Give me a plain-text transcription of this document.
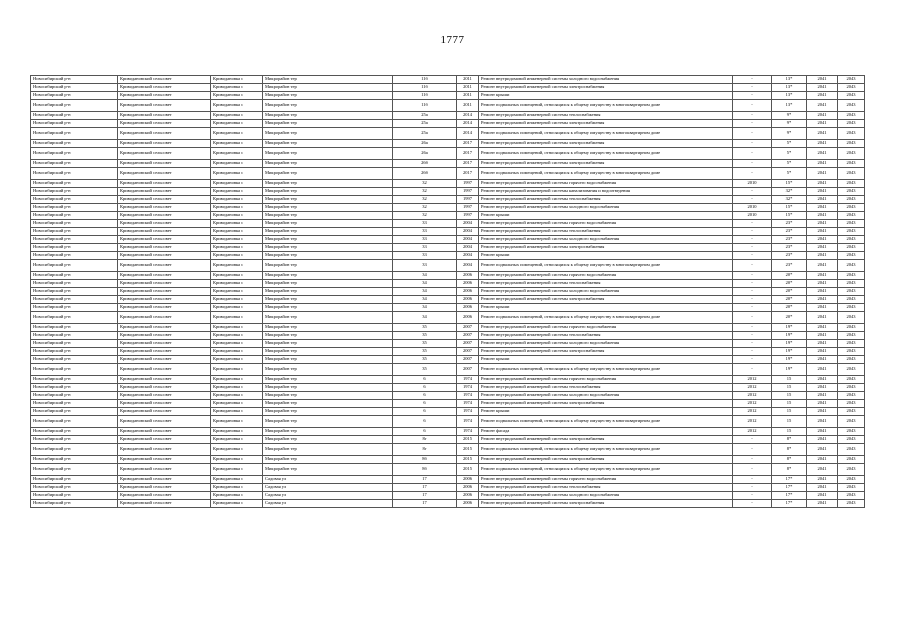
1777
Новосибирский р-н	Криводановский сельсовет	Криводановка с	Микрорайон тер	11б	2011	Ремонт внутридомовой инженерной системы холодного водоснабжения	-	13*	2041	2043
Новосибирский р-н	Криводановский сельсовет	Криводановка с	Микрорайон тер	11б	2011	Ремонт внутридомовой инженерной системы электроснабжения	-	13*	2041	2043
Новосибирский р-н	Криводановский сельсовет	Криводановка с	Микрорайон тер	11б	2011	Ремонт крыши	-	13*	2041	2043
Новосибирский р-н	Криводановский сельсовет	Криводановка с	Микрорайон тер	11б	2011	Ремонт подвальных помещений, относящихся к общему имуществу в многоквартирном доме	-	13*	2041	2043
Новосибирский р-н	Криводановский сельсовет	Криводановка с	Микрорайон тер	25а	2014	Ремонт внутридомовой инженерной системы теплоснабжения	-	9*	2041	2043
Новосибирский р-н	Криводановский сельсовет	Криводановка с	Микрорайон тер	25а	2014	Ремонт внутридомовой инженерной системы электроснабжения	-	9*	2041	2043
Новосибирский р-н	Криводановский сельсовет	Криводановка с	Микрорайон тер	25а	2014	Ремонт подвальных помещений, относящихся к общему имуществу в многоквартирном доме	-	9*	2041	2043
Новосибирский р-н	Криводановский сельсовет	Криводановка с	Микрорайон тер	26а	2017	Ремонт внутридомовой инженерной системы электроснабжения	-	5*	2041	2043
Новосибирский р-н	Криводановский сельсовет	Криводановка с	Микрорайон тер	26а	2017	Ремонт подвальных помещений, относящихся к общему имуществу в многоквартирном доме	-	5*	2041	2043
Новосибирский р-н	Криводановский сельсовет	Криводановка с	Микрорайон тер	26б	2017	Ремонт внутридомовой инженерной системы электроснабжения	-	5*	2041	2043
Новосибирский р-н	Криводановский сельсовет	Криводановка с	Микрорайон тер	26б	2017	Ремонт подвальных помещений, относящихся к общему имуществу в многоквартирном доме	-	5*	2041	2043
Новосибирский р-н	Криводановский сельсовет	Криводановка с	Микрорайон тер	32	1997	Ремонт внутридомовой инженерной системы горячего водоснабжения	2010	15*	2041	2043
Новосибирский р-н	Криводановский сельсовет	Криводановка с	Микрорайон тер	32	1997	Ремонт внутридомовой инженерной системы канализования и водоотведения	-	32*	2041	2043
Новосибирский р-н	Криводановский сельсовет	Криводановка с	Микрорайон тер	32	1997	Ремонт внутридомовой инженерной системы теплоснабжения	-	32*	2041	2043
Новосибирский р-н	Криводановский сельсовет	Криводановка с	Микрорайон тер	32	1997	Ремонт внутридомовой инженерной системы холодного водоснабжения	2010	15*	2041	2043
Новосибирский р-н	Криводановский сельсовет	Криводановка с	Микрорайон тер	32	1997	Ремонт крыши	2010	15*	2041	2043
Новосибирский р-н	Криводановский сельсовет	Криводановка с	Микрорайон тер	33	2004	Ремонт внутридомовой инженерной системы горячего водоснабжения	-	23*	2041	2043
Новосибирский р-н	Криводановский сельсовет	Криводановка с	Микрорайон тер	33	2004	Ремонт внутридомовой инженерной системы теплоснабжения	-	23*	2041	2043
Новосибирский р-н	Криводановский сельсовет	Криводановка с	Микрорайон тер	33	2004	Ремонт внутридомовой инженерной системы холодного водоснабжения	-	23*	2041	2043
Новосибирский р-н	Криводановский сельсовет	Криводановка с	Микрорайон тер	33	2004	Ремонт внутридомовой инженерной системы электроснабжения	-	23*	2041	2043
Новосибирский р-н	Криводановский сельсовет	Криводановка с	Микрорайон тер	33	2004	Ремонт крыши	-	23*	2041	2043
Новосибирский р-н	Криводановский сельсовет	Криводановка с	Микрорайон тер	33	2004	Ремонт подвальных помещений, относящихся к общему имуществу в многоквартирном доме	-	23*	2041	2043
Новосибирский р-н	Криводановский сельсовет	Криводановка с	Микрорайон тер	34	2006	Ремонт внутридомовой инженерной системы горячего водоснабжения	-	20*	2041	2043
Новосибирский р-н	Криводановский сельсовет	Криводановка с	Микрорайон тер	34	2006	Ремонт внутридомовой инженерной системы теплоснабжения	-	20*	2041	2043
Новосибирский р-н	Криводановский сельсовет	Криводановка с	Микрорайон тер	34	2006	Ремонт внутридомовой инженерной системы холодного водоснабжения	-	20*	2041	2043
Новосибирский р-н	Криводановский сельсовет	Криводановка с	Микрорайон тер	34	2006	Ремонт внутридомовой инженерной системы электроснабжения	-	20*	2041	2043
Новосибирский р-н	Криводановский сельсовет	Криводановка с	Микрорайон тер	34	2006	Ремонт крыши	-	20*	2041	2043
Новосибирский р-н	Криводановский сельсовет	Криводановка с	Микрорайон тер	34	2006	Ремонт подвальных помещений, относящихся к общему имуществу в многоквартирном доме	-	20*	2041	2043
Новосибирский р-н	Криводановский сельсовет	Криводановка с	Микрорайон тер	35	2007	Ремонт внутридомовой инженерной системы горячего водоснабжения	-	19*	2041	2043
Новосибирский р-н	Криводановский сельсовет	Криводановка с	Микрорайон тер	35	2007	Ремонт внутридомовой инженерной системы теплоснабжения	-	19*	2041	2043
Новосибирский р-н	Криводановский сельсовет	Криводановка с	Микрорайон тер	35	2007	Ремонт внутридомовой инженерной системы холодного водоснабжения	-	19*	2041	2043
Новосибирский р-н	Криводановский сельсовет	Криводановка с	Микрорайон тер	35	2007	Ремонт внутридомовой инженерной системы электроснабжения	-	19*	2041	2043
Новосибирский р-н	Криводановский сельсовет	Криводановка с	Микрорайон тер	35	2007	Ремонт крыши	-	19*	2041	2043
Новосибирский р-н	Криводановский сельсовет	Криводановка с	Микрорайон тер	35	2007	Ремонт подвальных помещений, относящихся к общему имуществу в многоквартирном доме	-	19*	2041	2043
Новосибирский р-н	Криводановский сельсовет	Криводановка с	Микрорайон тер	6	1974	Ремонт внутридомовой инженерной системы горячего водоснабжения	2012	15	2041	2043
Новосибирский р-н	Криводановский сельсовет	Криводановка с	Микрорайон тер	6	1974	Ремонт внутридомовой инженерной системы теплоснабжения	2012	15	2041	2043
Новосибирский р-н	Криводановский сельсовет	Криводановка с	Микрорайон тер	6	1974	Ремонт внутридомовой инженерной системы холодного водоснабжения	2012	15	2041	2043
Новосибирский р-н	Криводановский сельсовет	Криводановка с	Микрорайон тер	6	1974	Ремонт внутридомовой инженерной системы электроснабжения	2012	15	2041	2043
Новосибирский р-н	Криводановский сельсовет	Криводановка с	Микрорайон тер	6	1974	Ремонт крыши	2012	15	2041	2043
Новосибирский р-н	Криводановский сельсовет	Криводановка с	Микрорайон тер	6	1974	Ремонт подвальных помещений, относящихся к общему имуществу в многоквартирном доме	2012	15	2041	2043
Новосибирский р-н	Криводановский сельсовет	Криводановка с	Микрорайон тер	6	1974	Ремонт фасада	2012	15	2041	2043
Новосибирский р-н	Криводановский сельсовет	Криводановка с	Микрорайон тер	8г	2015	Ремонт внутридомовой инженерной системы электроснабжения	-	8*	2041	2043
Новосибирский р-н	Криводановский сельсовет	Криводановка с	Микрорайон тер	8г	2015	Ремонт подвальных помещений, относящихся к общему имуществу в многоквартирном доме	-	8*	2041	2043
Новосибирский р-н	Криводановский сельсовет	Криводановка с	Микрорайон тер	8б	2015	Ремонт внутридомовой инженерной системы электроснабжения	-	8*	2041	2043
Новосибирский р-н	Криводановский сельсовет	Криводановка с	Микрорайон тер	8б	2015	Ремонт подвальных помещений, относящихся к общему имуществу в многоквартирном доме	-	8*	2041	2043
Новосибирский р-н	Криводановский сельсовет	Криводановка с	Садовая ул	17	2006	Ремонт внутридомовой инженерной системы горячего водоснабжения	-	17*	2041	2043
Новосибирский р-н	Криводановский сельсовет	Криводановка с	Садовая ул	17	2006	Ремонт внутридомовой инженерной системы теплоснабжения	-	17*	2041	2043
Новосибирский р-н	Криводановский сельсовет	Криводановка с	Садовая ул	17	2006	Ремонт внутридомовой инженерной системы холодного водоснабжения	-	17*	2041	2043
Новосибирский р-н	Криводановский сельсовет	Криводановка с	Садовая ул	17	2006	Ремонт внутридомовой инженерной системы электроснабжения	-	17*	2041	2043
